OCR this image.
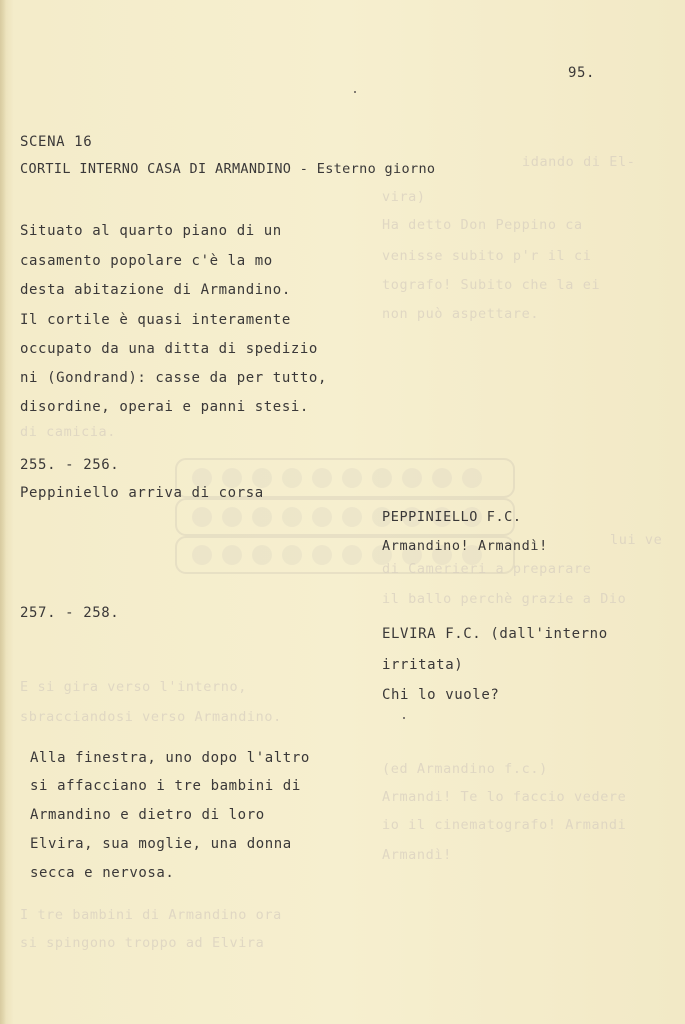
idando di El-
vira)
Ha detto Don Peppino ca
venisse subito p'r il ci
tografo! Subito che la ei
non può aspettare.
di camicia.
lui ve
di Camerieri a preparare
il ballo perchè grazie a Dio
E si gira verso l'interno,
sbracciandosi verso Armandino.
(ed Armandino f.c.)
Armandi! Te lo faccio vedere
io il cinematografo! Armandi
Armandì!
I tre bambini di Armandino ora
si spingono troppo ad Elvira
95.
SCENA 16
CORTIL INTERNO CASA DI ARMANDINO - Esterno giorno
Situato al quarto piano di un
casamento popolare c'è la mo
desta abitazione di Armandino.
Il cortile è quasi interamente
occupato da una ditta di spedizio
ni (Gondrand): casse da per tutto,
disordine, operai e panni stesi.
255. - 256.
Peppiniello arriva di corsa
PEPPINIELLO F.C.
Armandino! Armandì!
257. - 258.
ELVIRA F.C. (dall'interno
irritata)
Chi lo vuole?
Alla finestra, uno dopo l'altro
si affacciano i tre bambini di
Armandino e dietro di loro
Elvira, sua moglie, una donna
secca e nervosa.
